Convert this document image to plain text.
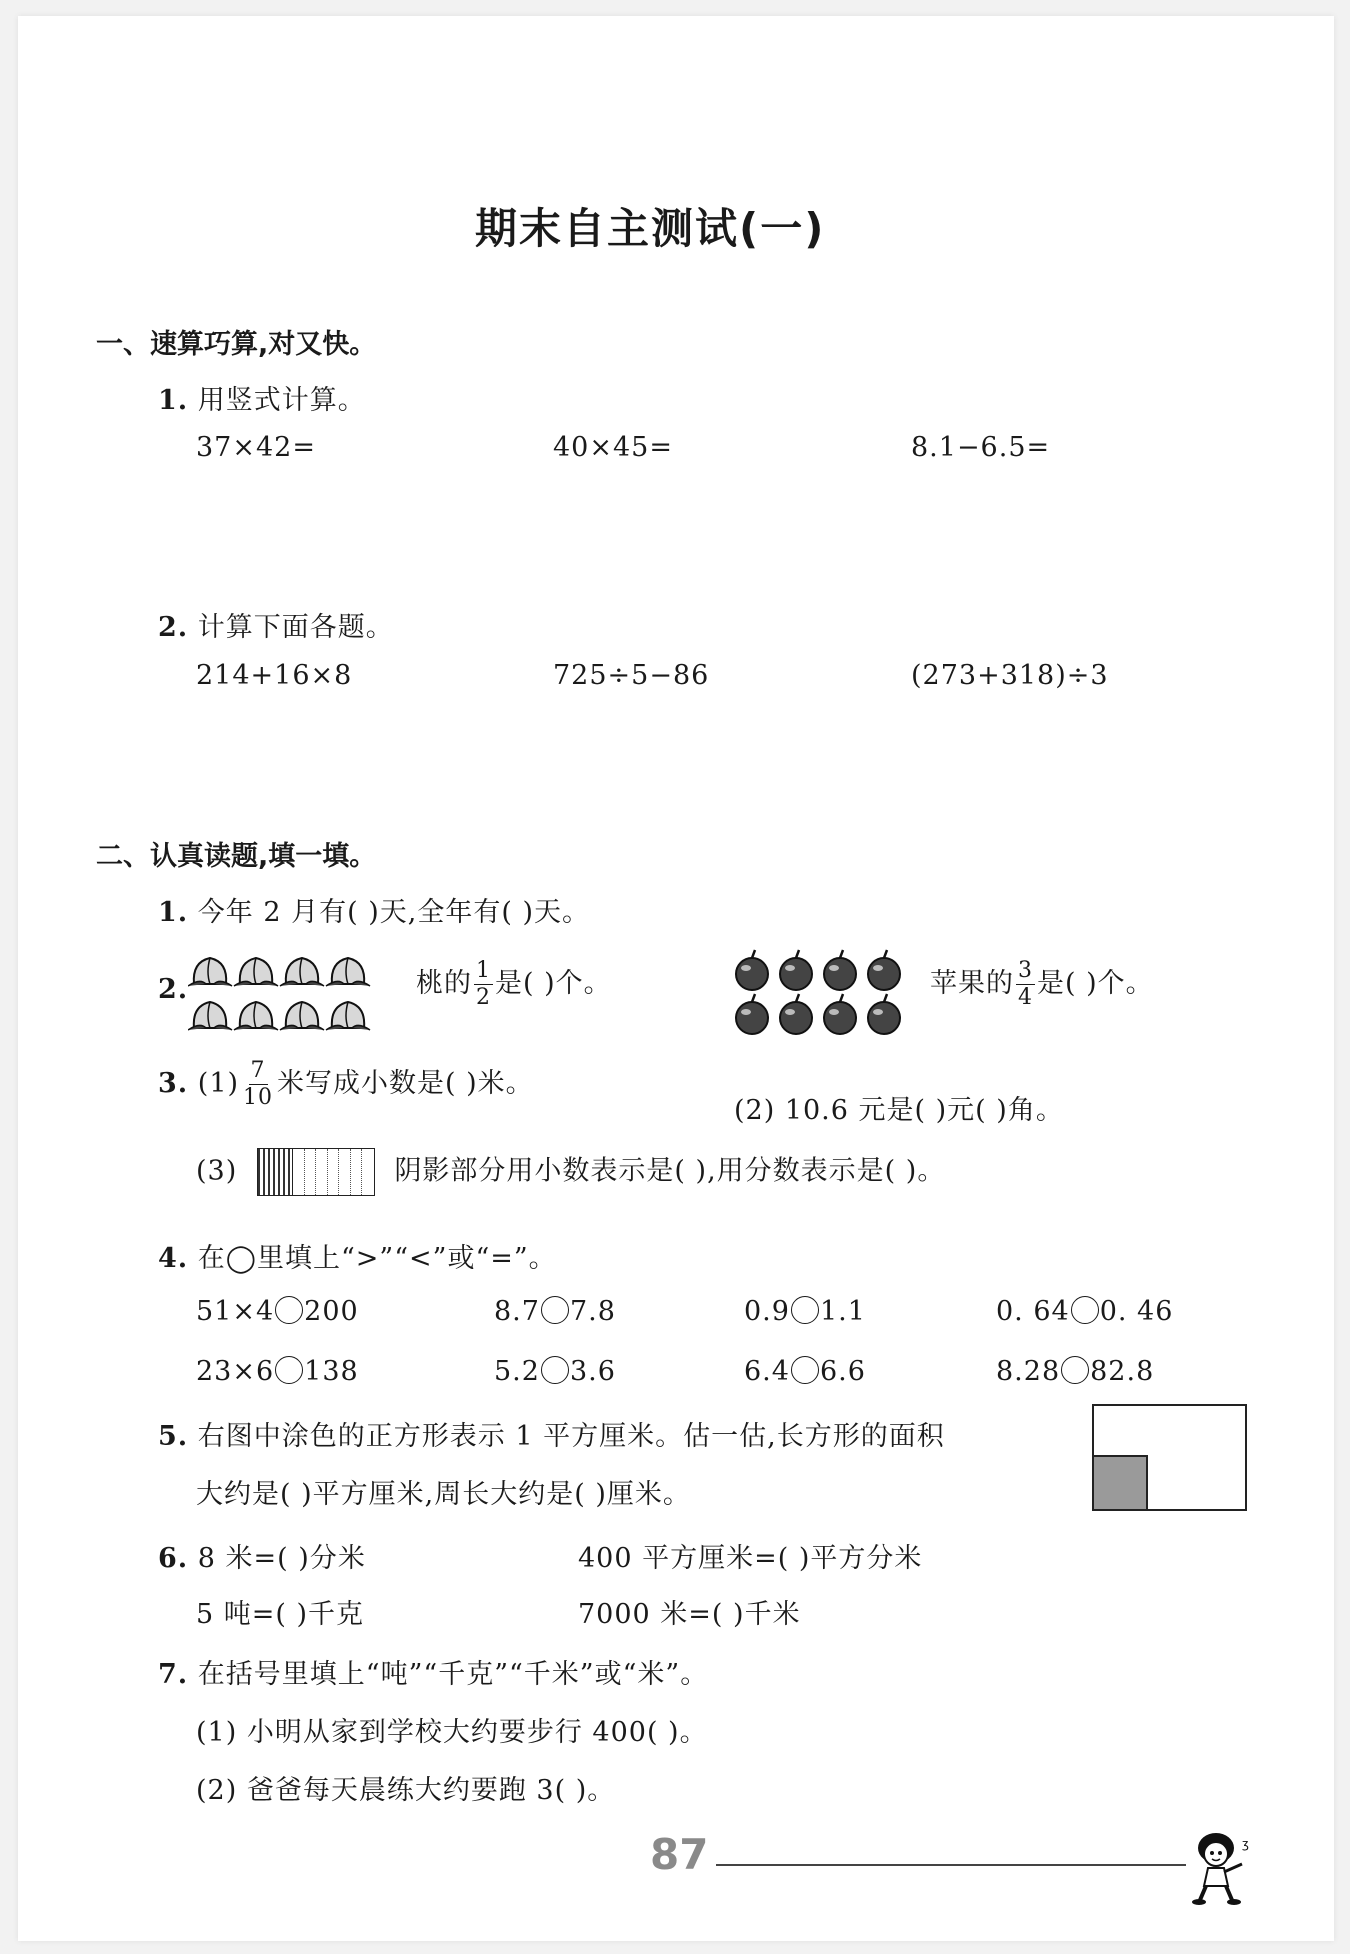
期末自主测试(一)
一、速算巧算,对又快。
1. 用竖式计算。
37×42=	40×45=	8.1−6.5=
2. 计算下面各题。
214+16×8	725÷5−86	(273+318)÷3
二、认真读题,填一填。
1. 今年 2 月有( )天,全年有( )天。
2.	桃的 $\frac{1}{2}$ 是( )个。	苹果的 $\frac{3}{4}$ 是( )个。
3. $(1) \frac{7}{10}$ 米写成小数是( )米。
(2) 10.6 元是( )元( )角。
(3)	阴影部分用小数表示是( ),用分数表示是( )。
4. 在◯里填上“>”“<”或“=”。
51×4 200	8.7 7.8	0.9 1.1	0. 64 0. 46
23×6 138	5.2 3.6	6.4 6.6	8.28 82.8
5. 右图中涂色的正方形表示 1 平方厘米。估一估,长方形的面积
大约是( )平方厘米,周长大约是( )厘米。
6. 8 米=( )分米	400 平方厘米=( )平方分米
5 吨=( )千克	7000 米=( )千米
7. 在括号里填上“吨”“千克”“千米”或“米”。
(1) 小明从家到学校大约要步行 400( )。
(2) 爸爸每天晨练大约要跑 3( )。
87	ʒ
